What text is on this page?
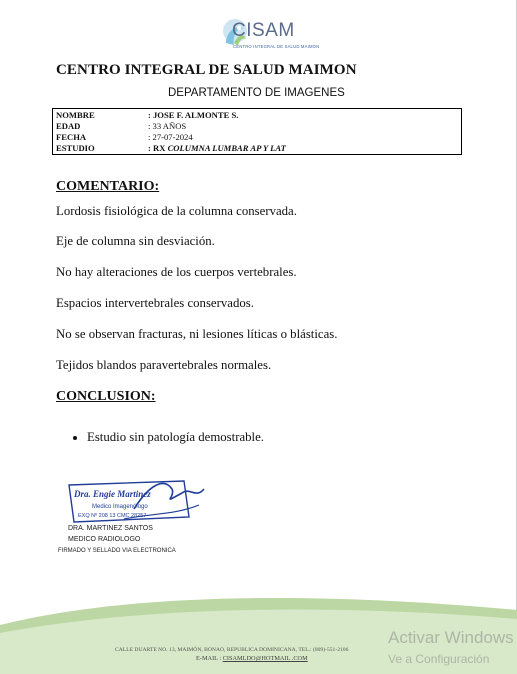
CISAM
CENTRO INTEGRAL DE SALUD MAIMON
CENTRO INTEGRAL DE SALUD MAIMON
DEPARTAMENTO DE IMAGENES
NOMBRE	: JOSE F. ALMONTE S.
EDAD	: 33 AÑOS
FECHA	: 27-07-2024
ESTUDIO	: RX COLUMNA LUMBAR AP Y LAT
COMENTARIO:
Lordosis fisiológica de la columna conservada.
Eje de columna sin desviación.
No hay alteraciones de los cuerpos vertebrales.
Espacios intervertebrales conservados.
No se observan fracturas, ni lesiones líticas o blásticas.
Tejidos blandos paravertebrales normales.
CONCLUSION:
Estudio sin patología demostrable.
Dra. Engie Martinez
Medico Imagenólogo
EXQ Nº 208 13 CMC 28257
DRA. MARTINEZ SANTOS
MEDICO RADIOLOGO
FIRMADO Y SELLADO VIA ELECTRONICA
CALLE DUARTE NO. 13, MAIMÓN, BONAO, REPUBLICA DOMINICANA, TEL.: (809)-551-2106
E-MAIL : CISAMLDO@HOTMAIL .COM
Activar Windows
Ve a Configuración
